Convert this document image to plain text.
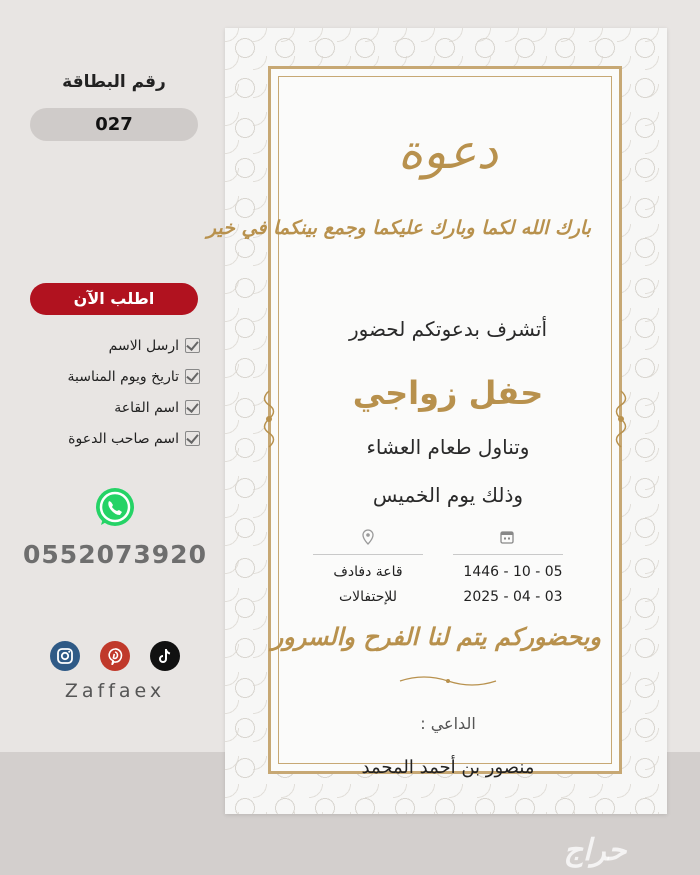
رقم البطاقة
027
اطلب الآن
ارسل الاسم
تاريخ ويوم المناسبة
اسم القاعة
اسم صاحب الدعوة
0552073920
Zaffaex
دعوة
بارك الله لكما وبارك عليكما وجمع بينكما في خير
أتشرف بدعوتكم لحضور
حفل زواجي
وتناول طعام العشاء
وذلك يوم الخميس
قاعة دفادف
للإحتفالات
1446 - 10 - 05
2025 - 04 - 03
وبحضوركم يتم لنا الفرح والسرور
الداعي :
منصور بن أحمد المحمد
حراج
